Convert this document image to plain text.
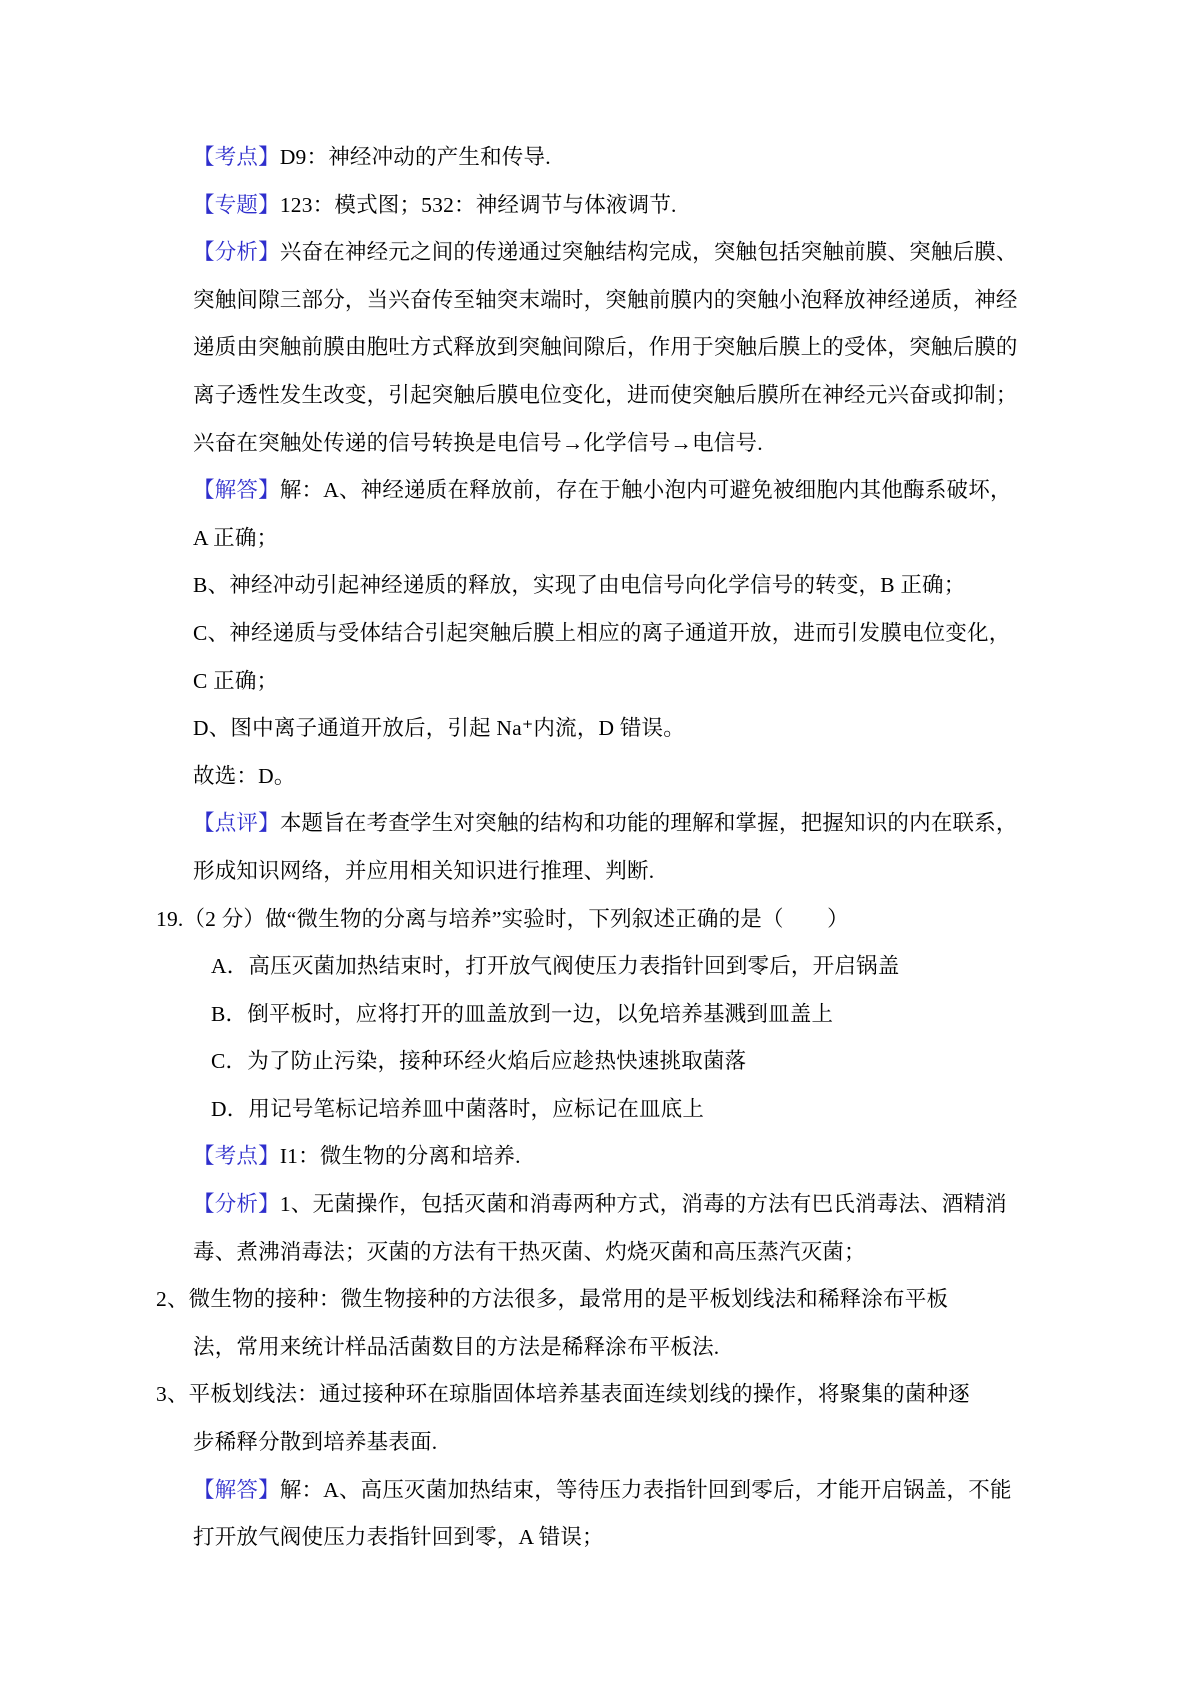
【考点】D9：神经冲动的产生和传导.
【专题】123：模式图；532：神经调节与体液调节.
【分析】兴奋在神经元之间的传递通过突触结构完成，突触包括突触前膜、突触后膜、
突触间隙三部分，当兴奋传至轴突末端时，突触前膜内的突触小泡释放神经递质，神经
递质由突触前膜由胞吐方式释放到突触间隙后，作用于突触后膜上的受体，突触后膜的
离子透性发生改变，引起突触后膜电位变化，进而使突触后膜所在神经元兴奋或抑制；
兴奋在突触处传递的信号转换是电信号→化学信号→电信号.
【解答】解：A、神经递质在释放前，存在于触小泡内可避免被细胞内其他酶系破坏，
A 正确；
B、神经冲动引起神经递质的释放，实现了由电信号向化学信号的转变，B 正确；
C、神经递质与受体结合引起突触后膜上相应的离子通道开放，进而引发膜电位变化，
C 正确；
D、图中离子通道开放后，引起 Na⁺内流，D 错误。
故选：D。
【点评】本题旨在考查学生对突触的结构和功能的理解和掌握，把握知识的内在联系，
形成知识网络，并应用相关知识进行推理、判断.
19.（2 分）做“微生物的分离与培养”实验时，下列叙述正确的是（　　）
A．高压灭菌加热结束时，打开放气阀使压力表指针回到零后，开启锅盖
B．倒平板时，应将打开的皿盖放到一边，以免培养基溅到皿盖上
C．为了防止污染，接种环经火焰后应趁热快速挑取菌落
D．用记号笔标记培养皿中菌落时，应标记在皿底上
【考点】I1：微生物的分离和培养.
【分析】1、无菌操作，包括灭菌和消毒两种方式，消毒的方法有巴氏消毒法、酒精消
毒、煮沸消毒法；灭菌的方法有干热灭菌、灼烧灭菌和高压蒸汽灭菌；
2、微生物的接种：微生物接种的方法很多，最常用的是平板划线法和稀释涂布平板
法，常用来统计样品活菌数目的方法是稀释涂布平板法.
3、平板划线法：通过接种环在琼脂固体培养基表面连续划线的操作，将聚集的菌种逐
步稀释分散到培养基表面.
【解答】解：A、高压灭菌加热结束，等待压力表指针回到零后，才能开启锅盖，不能
打开放气阀使压力表指针回到零，A 错误；
